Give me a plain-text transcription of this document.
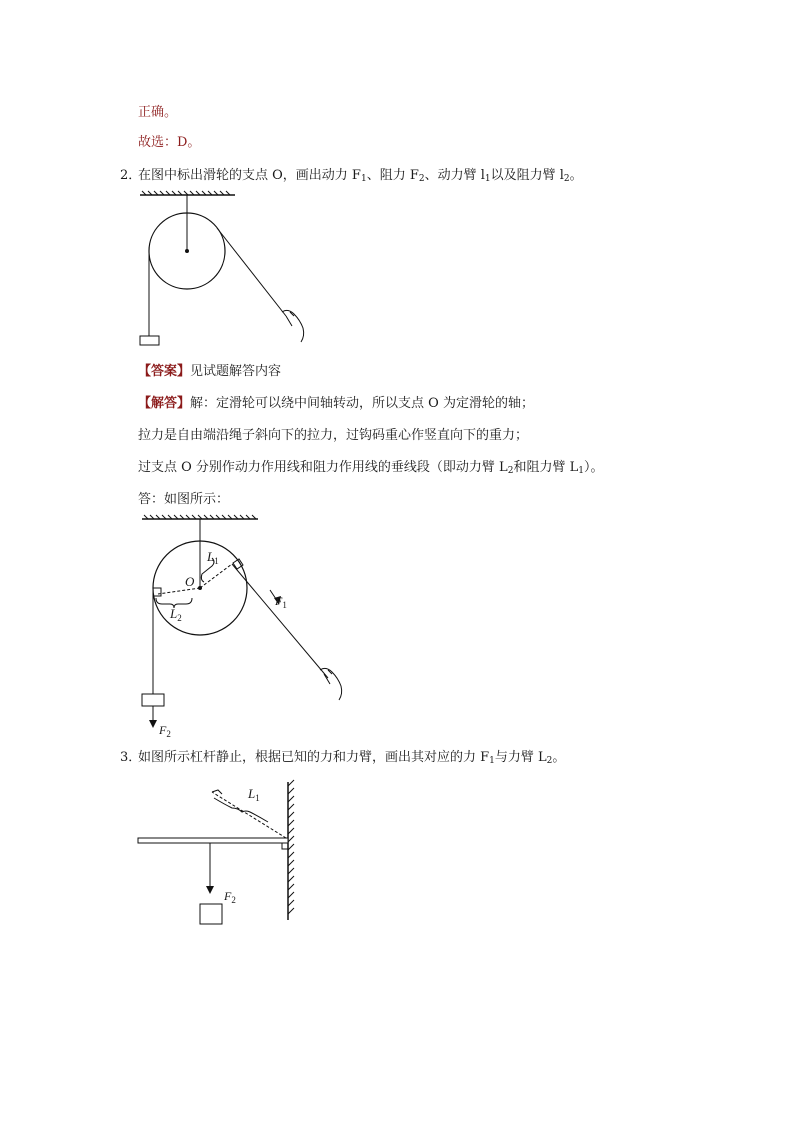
正确。
故选：D。
2．在图中标出滑轮的支点 O，画出动力 $F_1$、阻力 $F_2$、动力臂 $l_1$以及阻力臂 $l_2$。
【答案】见试题解答内容
【解答】解：定滑轮可以绕中间轴转动，所以支点 O 为定滑轮的轴；
拉力是自由端沿绳子斜向下的拉力，过钩码重心作竖直向下的重力；
过支点 O 分别作动力作用线和阻力作用线的垂线段（即动力臂 $L_2$和阻力臂 $L_1$）。
答：如图所示：
$L_1$
O
$L_2$
$F_1$
$F_2$
3．如图所示杠杆静止，根据已知的力和力臂，画出其对应的力 $F_1$与力臂 $L_2$。
$L_1$
$F_2$
